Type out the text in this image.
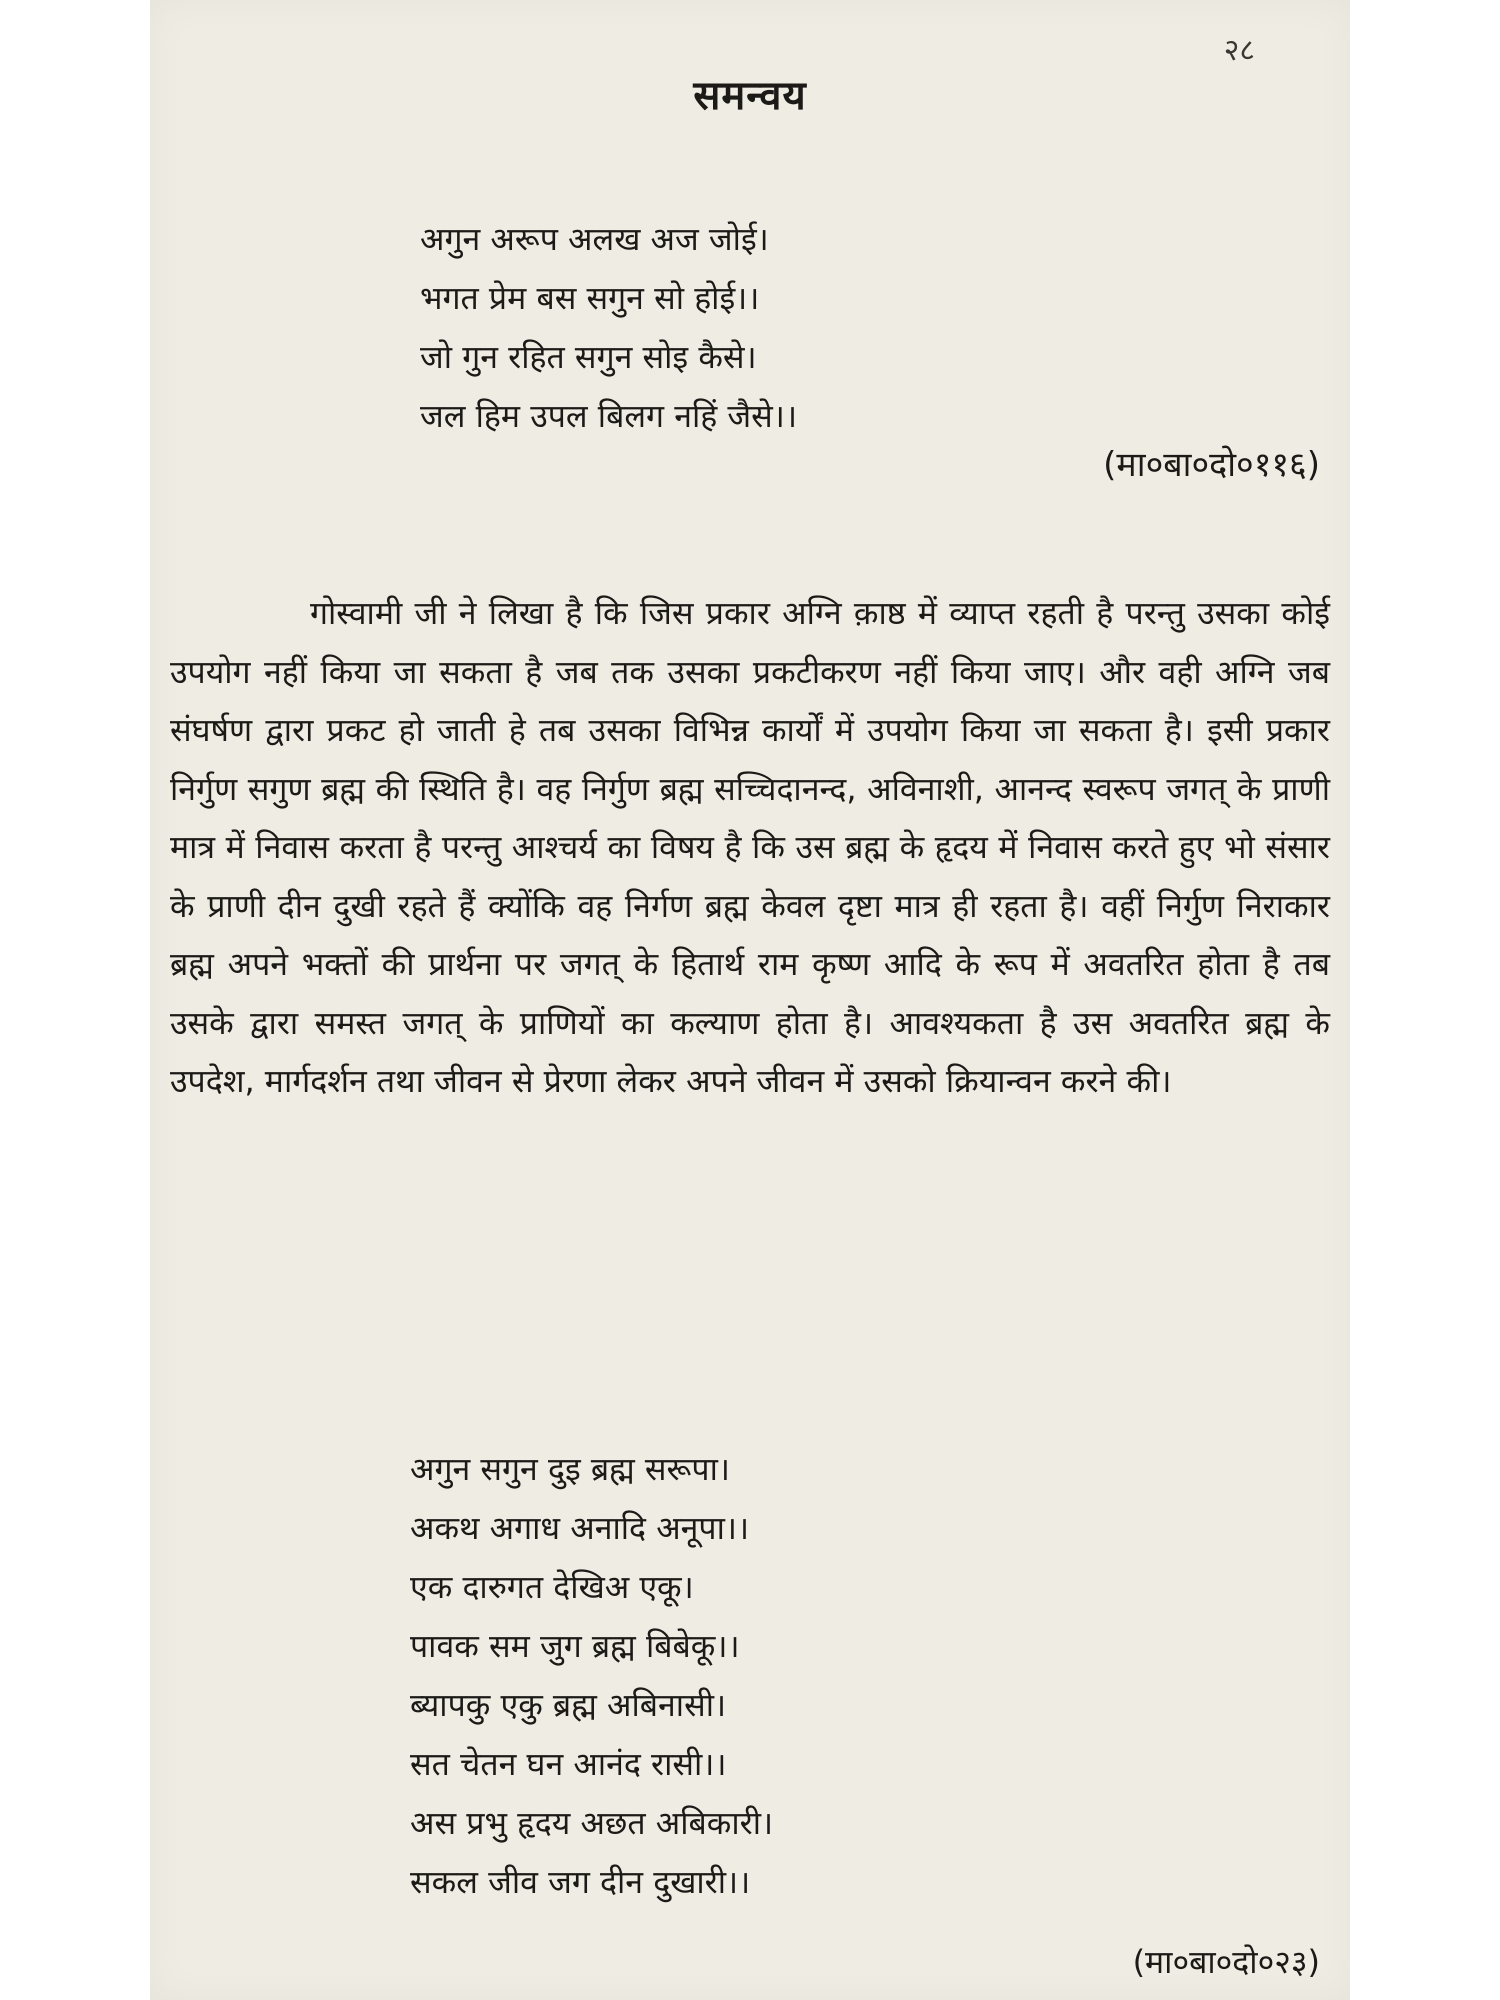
२८
समन्वय
अगुन अरूप अलख अज जोई।
भगत प्रेम बस सगुन सो होई।।
जो गुन रहित सगुन सोइ कैसे।
जल हिम उपल बिलग नहिं जैसे।।
(मा०बा०दो०११६)

गोस्वामी जी ने लिखा है कि जिस प्रकार अग्नि क़ाष्ठ में व्याप्त रहती है परन्तु उसका कोई उपयोग नहीं किया जा सकता है जब तक उसका प्रकटीकरण नहीं किया जाए। और वही अग्नि जब संघर्षण द्वारा प्रकट हो जाती हे तब उसका विभिन्न कार्यों में उपयोग किया जा सकता है। इसी प्रकार निर्गुण सगुण ब्रह्म की स्थिति है। वह निर्गुण ब्रह्म सच्चिदानन्द, अविनाशी, आनन्द स्वरूप जगत् के प्राणी मात्र में निवास करता है परन्तु आश्चर्य का विषय है कि उस ब्रह्म के हृदय में निवास करते हुए भो संसार के प्राणी दीन दुखी रहते हैं क्योंकि वह निर्गण ब्रह्म केवल दृष्टा मात्र ही रहता है। वहीं निर्गुण निराकार ब्रह्म अपने भक्तों की प्रार्थना पर जगत् के हितार्थ राम कृष्ण आदि के रूप में अवतरित होता है तब उसके द्वारा समस्त जगत् के प्राणियों का कल्याण होता है। आवश्यकता है उस अवतरित ब्रह्म के उपदेश, मार्गदर्शन तथा जीवन से प्रेरणा लेकर अपने जीवन में उसको क्रियान्वन करने की।

अगुन सगुन दुइ ब्रह्म सरूपा।
अकथ अगाध अनादि अनूपा।।
एक दारुगत देखिअ एकू।
पावक सम जुग ब्रह्म बिबेकू।।
ब्यापकु एकु ब्रह्म अबिनासी।
सत चेतन घन आनंद रासी।।
अस प्रभु हृदय अछत अबिकारी।
सकल जीव जग दीन दुखारी।।
(मा०बा०दो०२३)
